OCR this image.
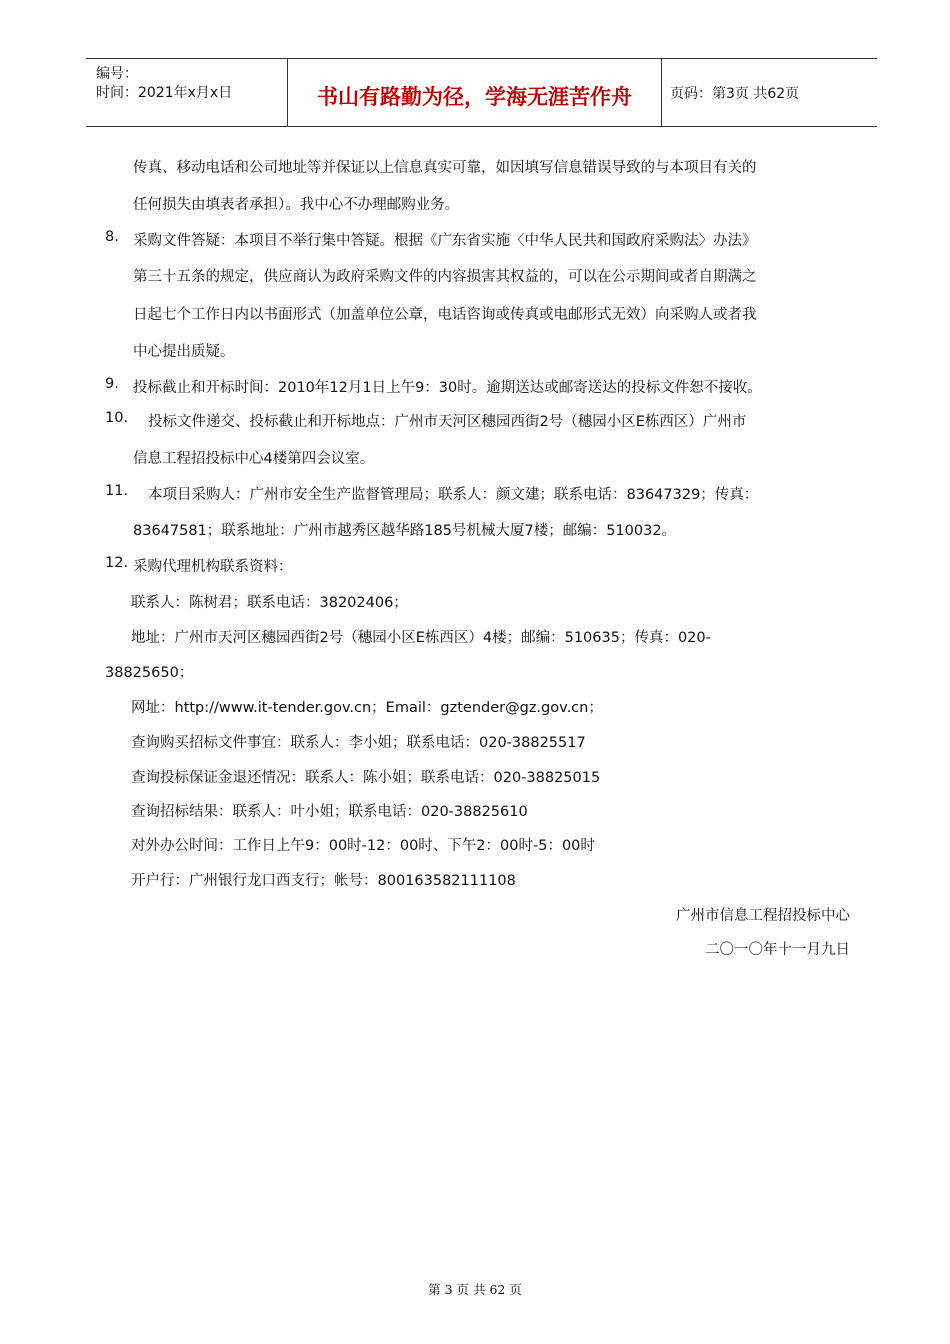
编号：
时间：2021年x月x日	书山有路勤为径，学海无涯苦作舟	页码：第3页 共62页
传真、移动电话和公司地址等并保证以上信息真实可靠，如因填写信息错误导致的与本项目有关的
任何损失由填表者承担）。我中心不办理邮购业务。
8. 采购文件答疑：本项目不举行集中答疑。根据《广东省实施〈中华人民共和国政府采购法〉办法》
第三十五条的规定，供应商认为政府采购文件的内容损害其权益的，可以在公示期间或者自期满之
日起七个工作日内以书面形式（加盖单位公章，电话咨询或传真或电邮形式无效）向采购人或者我
中心提出质疑。
9. 投标截止和开标时间：2010年12月1日上午9：30时。逾期送达或邮寄送达的投标文件恕不接收。
10. 投标文件递交、投标截止和开标地点：广州市天河区穗园西街2号（穗园小区E栋西区）广州市
信息工程招投标中心4楼第四会议室。
11. 本项目采购人：广州市安全生产监督管理局；联系人：颜文建；联系电话：83647329；传真：
83647581；联系地址：广州市越秀区越华路185号机械大厦7楼；邮编：510032。
12. 采购代理机构联系资料：
联系人：陈树君；联系电话：38202406；
地址：广州市天河区穗园西街2号（穗园小区E栋西区）4楼；邮编：510635；传真：020-
38825650；
网址：http://www.it-tender.gov.cn；Email：gztender@gz.gov.cn；
查询购买招标文件事宜：联系人：李小姐；联系电话：020-38825517
查询投标保证金退还情况：联系人：陈小姐；联系电话：020-38825015
查询招标结果：联系人：叶小姐；联系电话：020-38825610
对外办公时间：工作日上午9：00时-12：00时、下午2：00时-5：00时
开户行：广州银行龙口西支行；帐号：800163582111108
广州市信息工程招投标中心
二〇一〇年十一月九日
第 3 页 共 62 页
